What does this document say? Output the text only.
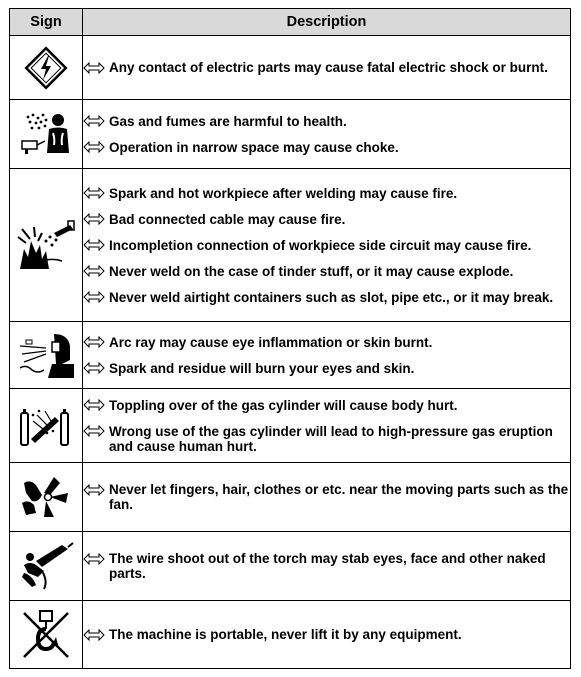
Sign	Description

Any contact of electric parts may cause fatal electric shock or burnt.

Gas and fumes are harmful to health.
Operation in narrow space may cause choke.

Spark and hot workpiece after welding may cause fire.
Bad connected cable may cause fire.
Incompletion connection of workpiece side circuit may cause fire.
Never weld on the case of tinder stuff, or it may cause explode.
Never weld airtight containers such as slot, pipe etc., or it may break.

Arc ray may cause eye inflammation or skin burnt.
Spark and residue will burn your eyes and skin.

Toppling over of the gas cylinder will cause body hurt.
Wrong use of the gas cylinder will lead to high-pressure gas eruption and cause human hurt.

Never let fingers, hair, clothes or etc. near the moving parts such as the fan.

The wire shoot out of the torch may stab eyes, face and other naked parts.

The machine is portable, never lift it by any equipment.
